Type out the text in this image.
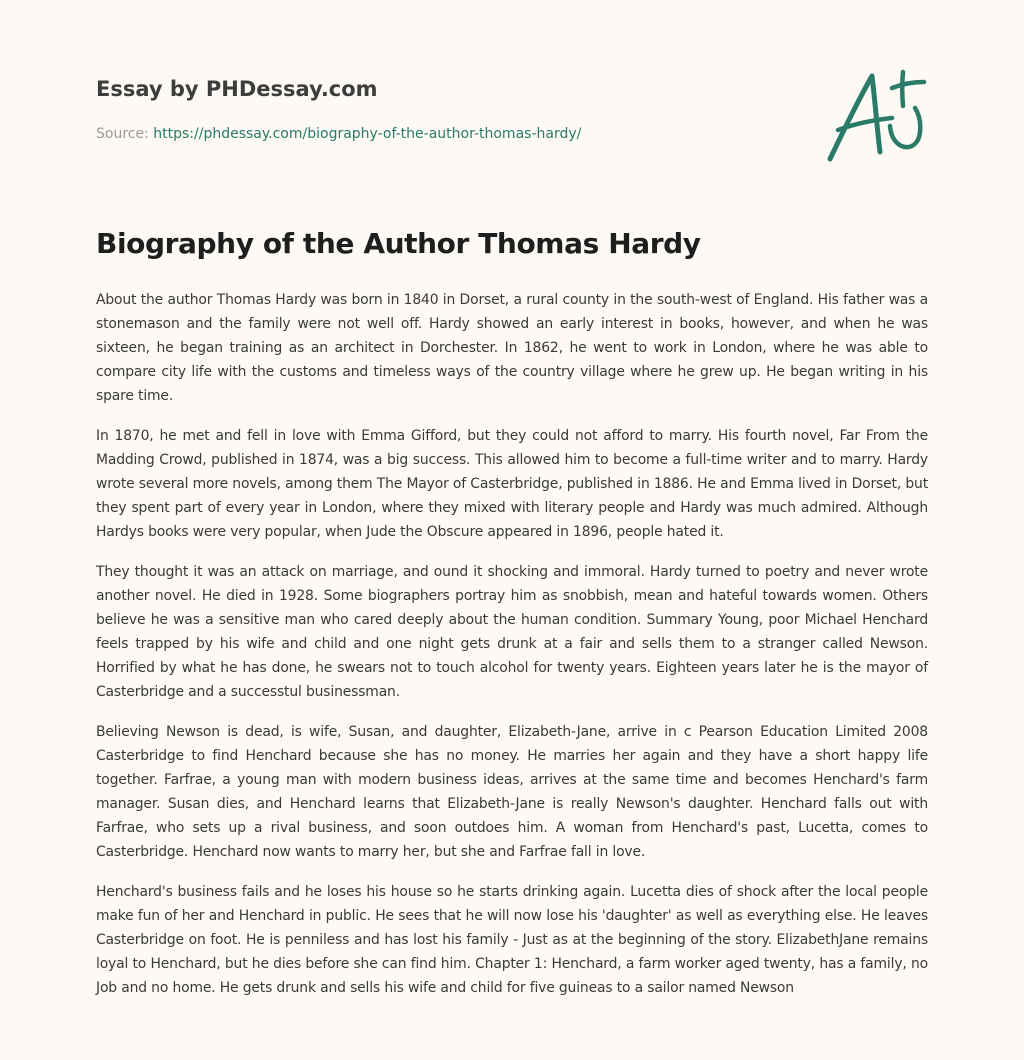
Essay by PHDessay.com
Source: https://phdessay.com/biography-of-the-author-thomas-hardy/
Biography of the Author Thomas Hardy

About the author Thomas Hardy was born in 1840 in Dorset, a rural county in the south-west of England. His father was a stonemason and the family were not well off. Hardy showed an early interest in books, however, and when he was sixteen, he began training as an architect in Dorchester. In 1862, he went to work in London, where he was able to compare city life with the customs and timeless ways of the country village where he grew up. He began writing in his spare time.

In 1870, he met and fell in love with Emma Gifford, but they could not afford to marry. His fourth novel, Far From the Madding Crowd, published in 1874, was a big success. This allowed him to become a full-time writer and to marry. Hardy wrote several more novels, among them The Mayor of Casterbridge, published in 1886. He and Emma lived in Dorset, but they spent part of every year in London, where they mixed with literary people and Hardy was much admired. Although Hardys books were very popular, when Jude the Obscure appeared in 1896, people hated it.

They thought it was an attack on marriage, and ound it shocking and immoral. Hardy turned to poetry and never wrote another novel. He died in 1928. Some biographers portray him as snobbish, mean and hateful towards women. Others believe he was a sensitive man who cared deeply about the human condition. Summary Young, poor Michael Henchard feels trapped by his wife and child and one night gets drunk at a fair and sells them to a stranger called Newson. Horrified by what he has done, he swears not to touch alcohol for twenty years. Eighteen years later he is the mayor of Casterbridge and a successtul businessman.

Believing Newson is dead, is wife, Susan, and daughter, Elizabeth-Jane, arrive in c Pearson Education Limited 2008 Casterbridge to find Henchard because she has no money. He marries her again and they have a short happy life together. Farfrae, a young man with modern business ideas, arrives at the same time and becomes Henchard's farm manager. Susan dies, and Henchard learns that Elizabeth-Jane is really Newson's daughter. Henchard falls out with Farfrae, who sets up a rival business, and soon outdoes him. A woman from Henchard's past, Lucetta, comes to Casterbridge. Henchard now wants to marry her, but she and Farfrae fall in love.

Henchard's business fails and he loses his house so he starts drinking again. Lucetta dies of shock after the local people make fun of her and Henchard in public. He sees that he will now lose his 'daughter' as well as everything else. He leaves Casterbridge on foot. He is penniless and has lost his family - Just as at the beginning of the story. ElizabethJane remains loyal to Henchard, but he dies before she can find him. Chapter 1: Henchard, a farm worker aged twenty, has a family, no Job and no home. He gets drunk and sells his wife and child for five guineas to a sailor named Newson
